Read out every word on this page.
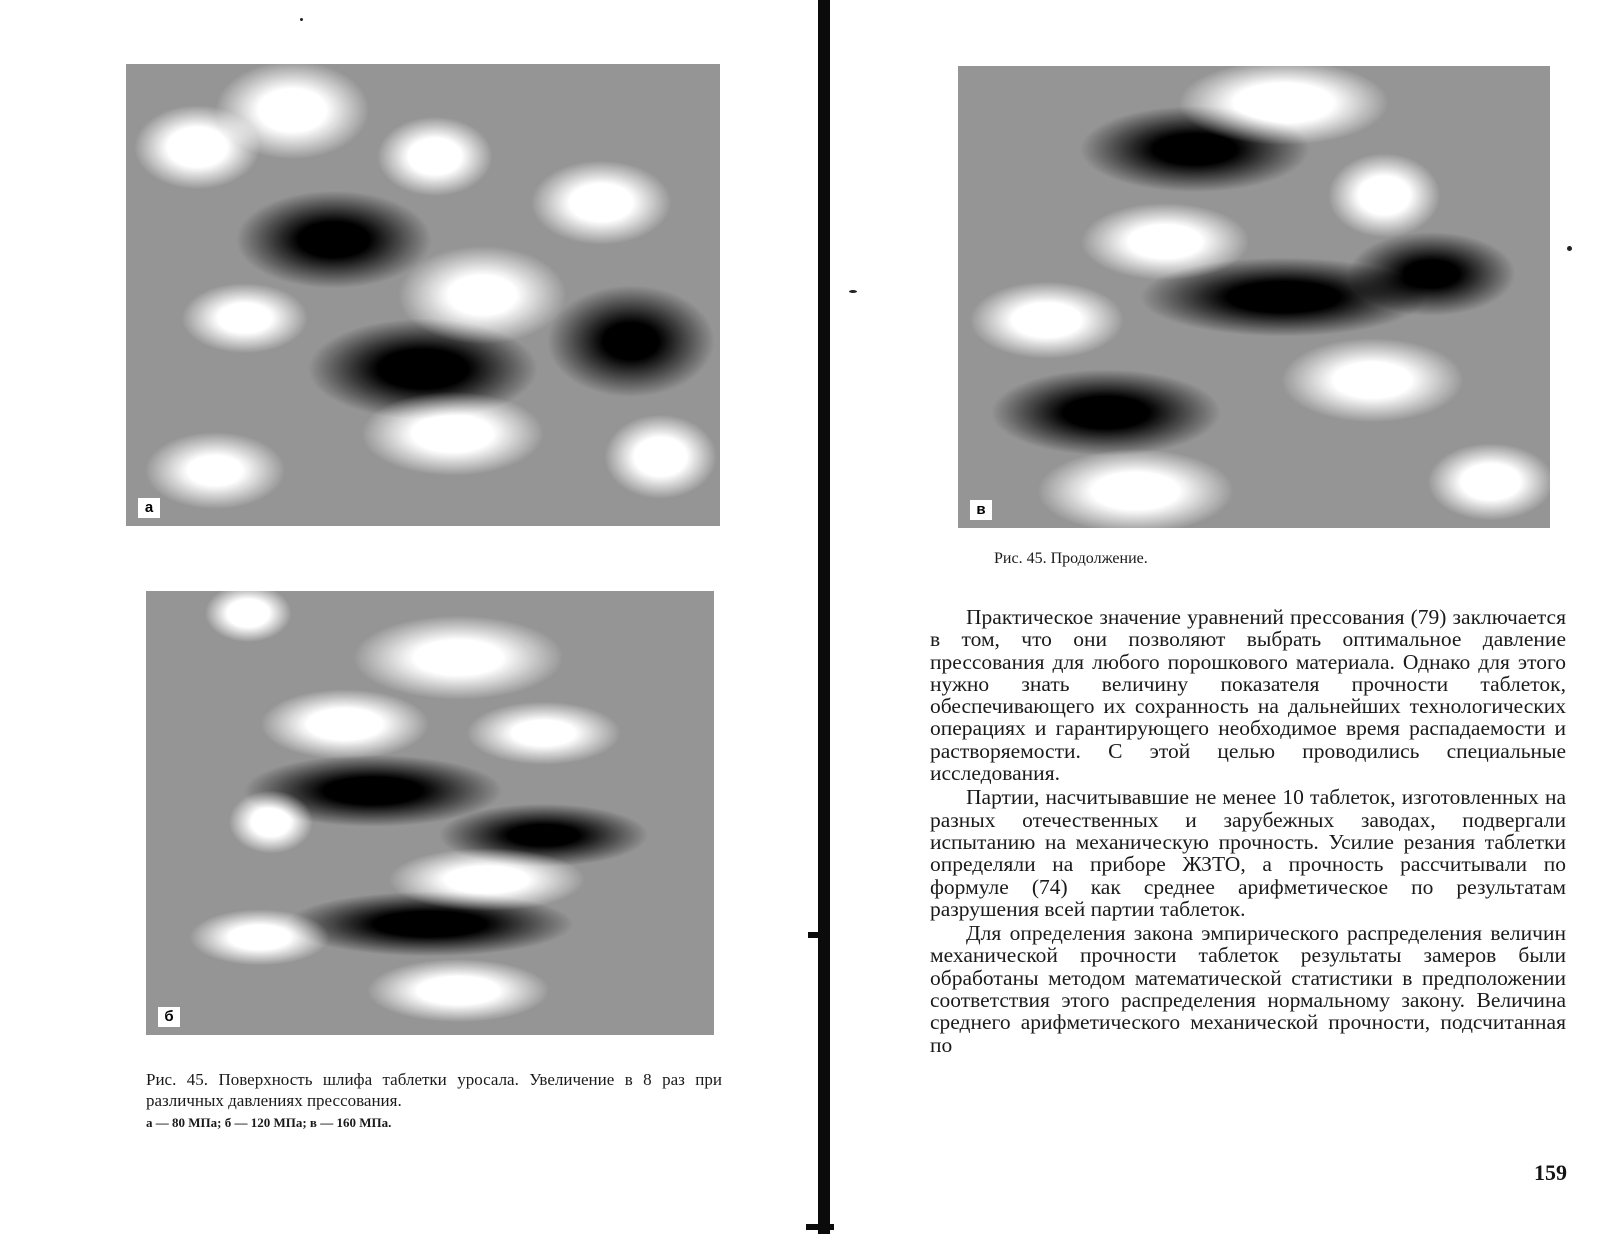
а
б
Рис. 45. Поверхность шлифа таблетки уросала. Увеличение в 8 раз при различных давлениях прессования.
а — 80 МПа; б — 120 МПа; в — 160 МПа.
в
Рис. 45. Продолжение.

Практическое значение уравнений прессования (79) заключается в том, что они позволяют выбрать оптимальное давление прессования для любого порошкового материала. Однако для этого нужно знать величину показателя прочности таблеток, обеспечивающего их сохранность на дальнейших технологических операциях и гарантирующего необходимое время распадаемости и растворяемости. С этой целью проводились специальные исследования.

Партии, насчитывавшие не менее 10 таблеток, изготовленных на разных отечественных и зарубежных заводах, подвергали испытанию на механическую прочность. Усилие резания таблетки определяли на приборе ЖЗТО, а прочность рассчитывали по формуле (74) как среднее арифметическое по результатам разрушения всей партии таблеток.

Для определения закона эмпирического распределения величин механической прочности таблеток результаты замеров были обработаны методом математической статистики в предположении соответствия этого распределения нормальному закону. Величина среднего арифметического механической прочности, подсчитанная по

159
